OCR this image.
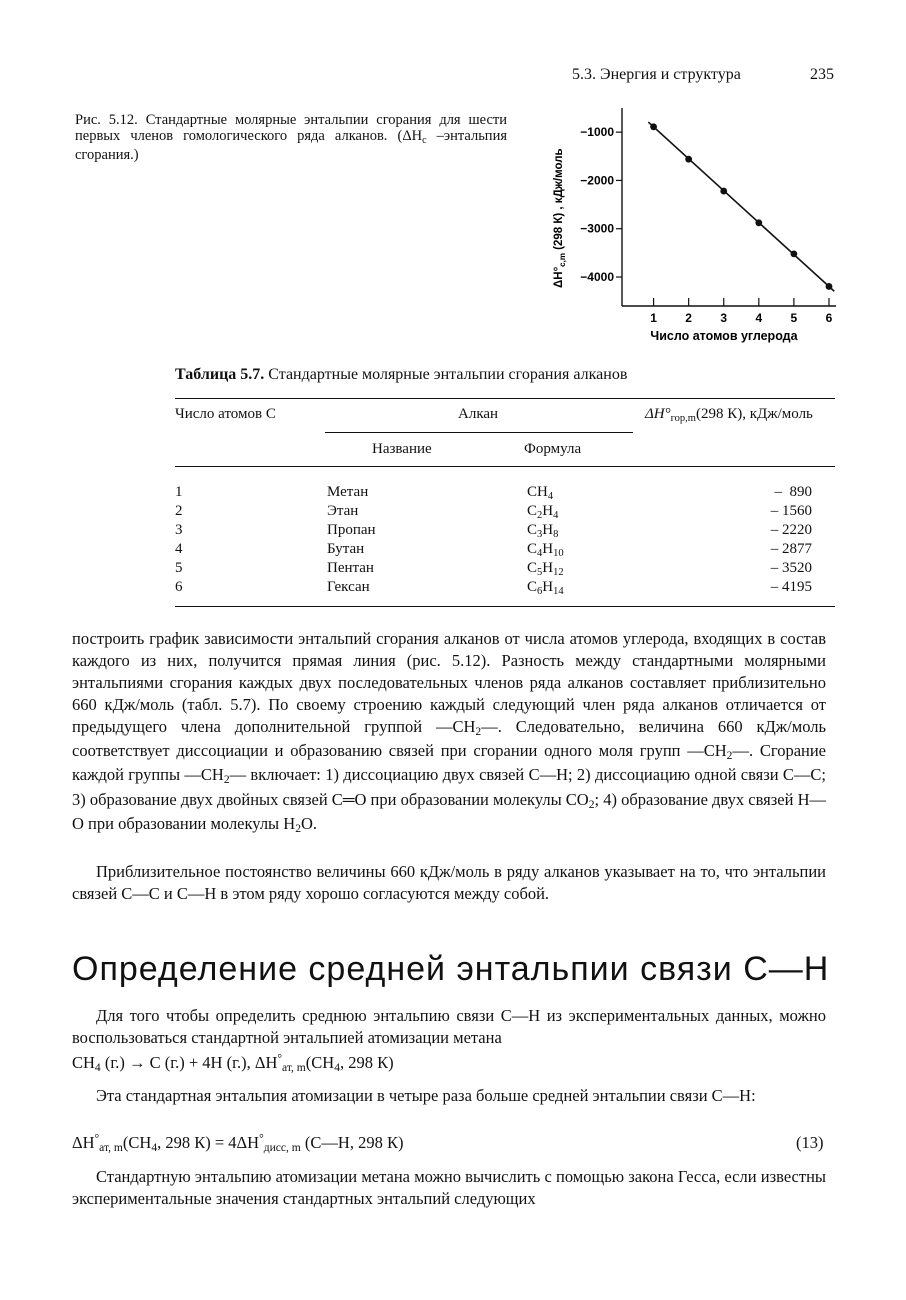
5.3. Энергия и структура	235
Рис. 5.12. Стандартные молярные энтальпии сгорания для шести первых членов гомологического ряда алканов. ($\Delta H_c$ –энтальпия сгорания.)
$\Delta H^\circ_{c,m}$ (298 К) , кДж/моль
−1000
−2000
−3000
−4000
1 2 3 4 5 6
Число атомов углерода
Таблица 5.7. Стандартные молярные энтальпии сгорания алканов
Число атомов С	Алкан	$\Delta H^\circ_{гор,m}(298$ К), кДж/моль
Название	Формула
1	Метан	$CH_4$	–  890
2	Этан	$C_2H_4$	– 1560
3	Пропан	$C_3H_8$	– 2220
4	Бутан	$C_4H_{10}$	– 2877
5	Пентан	$C_5H_{12}$	– 3520
6	Гексан	$C_6H_{14}$	– 4195
построить график зависимости энтальпий сгорания алканов от числа атомов углерода, входящих в состав каждого из них, получится прямая линия (рис. 5.12). Разность между стандартными молярными энтальпиями сгорания каждых двух последовательных членов ряда алканов составляет приблизительно 660 кДж/моль (табл. 5.7). По своему строению каждый следующий член ряда алканов отличается от предыдущего члена дополнительной группой $—CH_2—$. Следовательно, величина 660 кДж/моль соответствует диссоциации и образованию связей при сгорании одного моля групп $—CH_2—$. Сгорание каждой группы $—CH_2—$ включает: 1) диссоциацию двух связей С—Н; 2) диссоциацию одной связи С—С; 3) образование двух двойных связей С═О при образовании молекулы $CO_2$; 4) образование двух связей Н—О при образовании молекулы $H_2O$.
Приблизительное постоянство величины 660 кДж/моль в ряду алканов указывает на то, что энтальпии связей С—С и С—Н в этом ряду хорошо согласуются между собой.
Определение средней энтальпии связи С—Н
Для того чтобы определить среднюю энтальпию связи С—Н из экспериментальных данных, можно воспользоваться стандартной энтальпией атомизации метана
$CH_4$ (г.) → С (г.) + 4Н (г.), $\Delta H^\circ_{ат, m}(CH_4$, 298 К)
Эта стандартная энтальпия атомизации в четыре раза больше средней энтальпии связи С—Н:
$\Delta H^\circ_{ат, m}(CH_4$, 298 $К) = 4\Delta H^\circ_{дисс, m}$ (С—Н, 298 К)	(13)
Стандартную энтальпию атомизации метана можно вычислить с помощью закона Гесса, если известны экспериментальные значения стандартных энтальпий следующих
